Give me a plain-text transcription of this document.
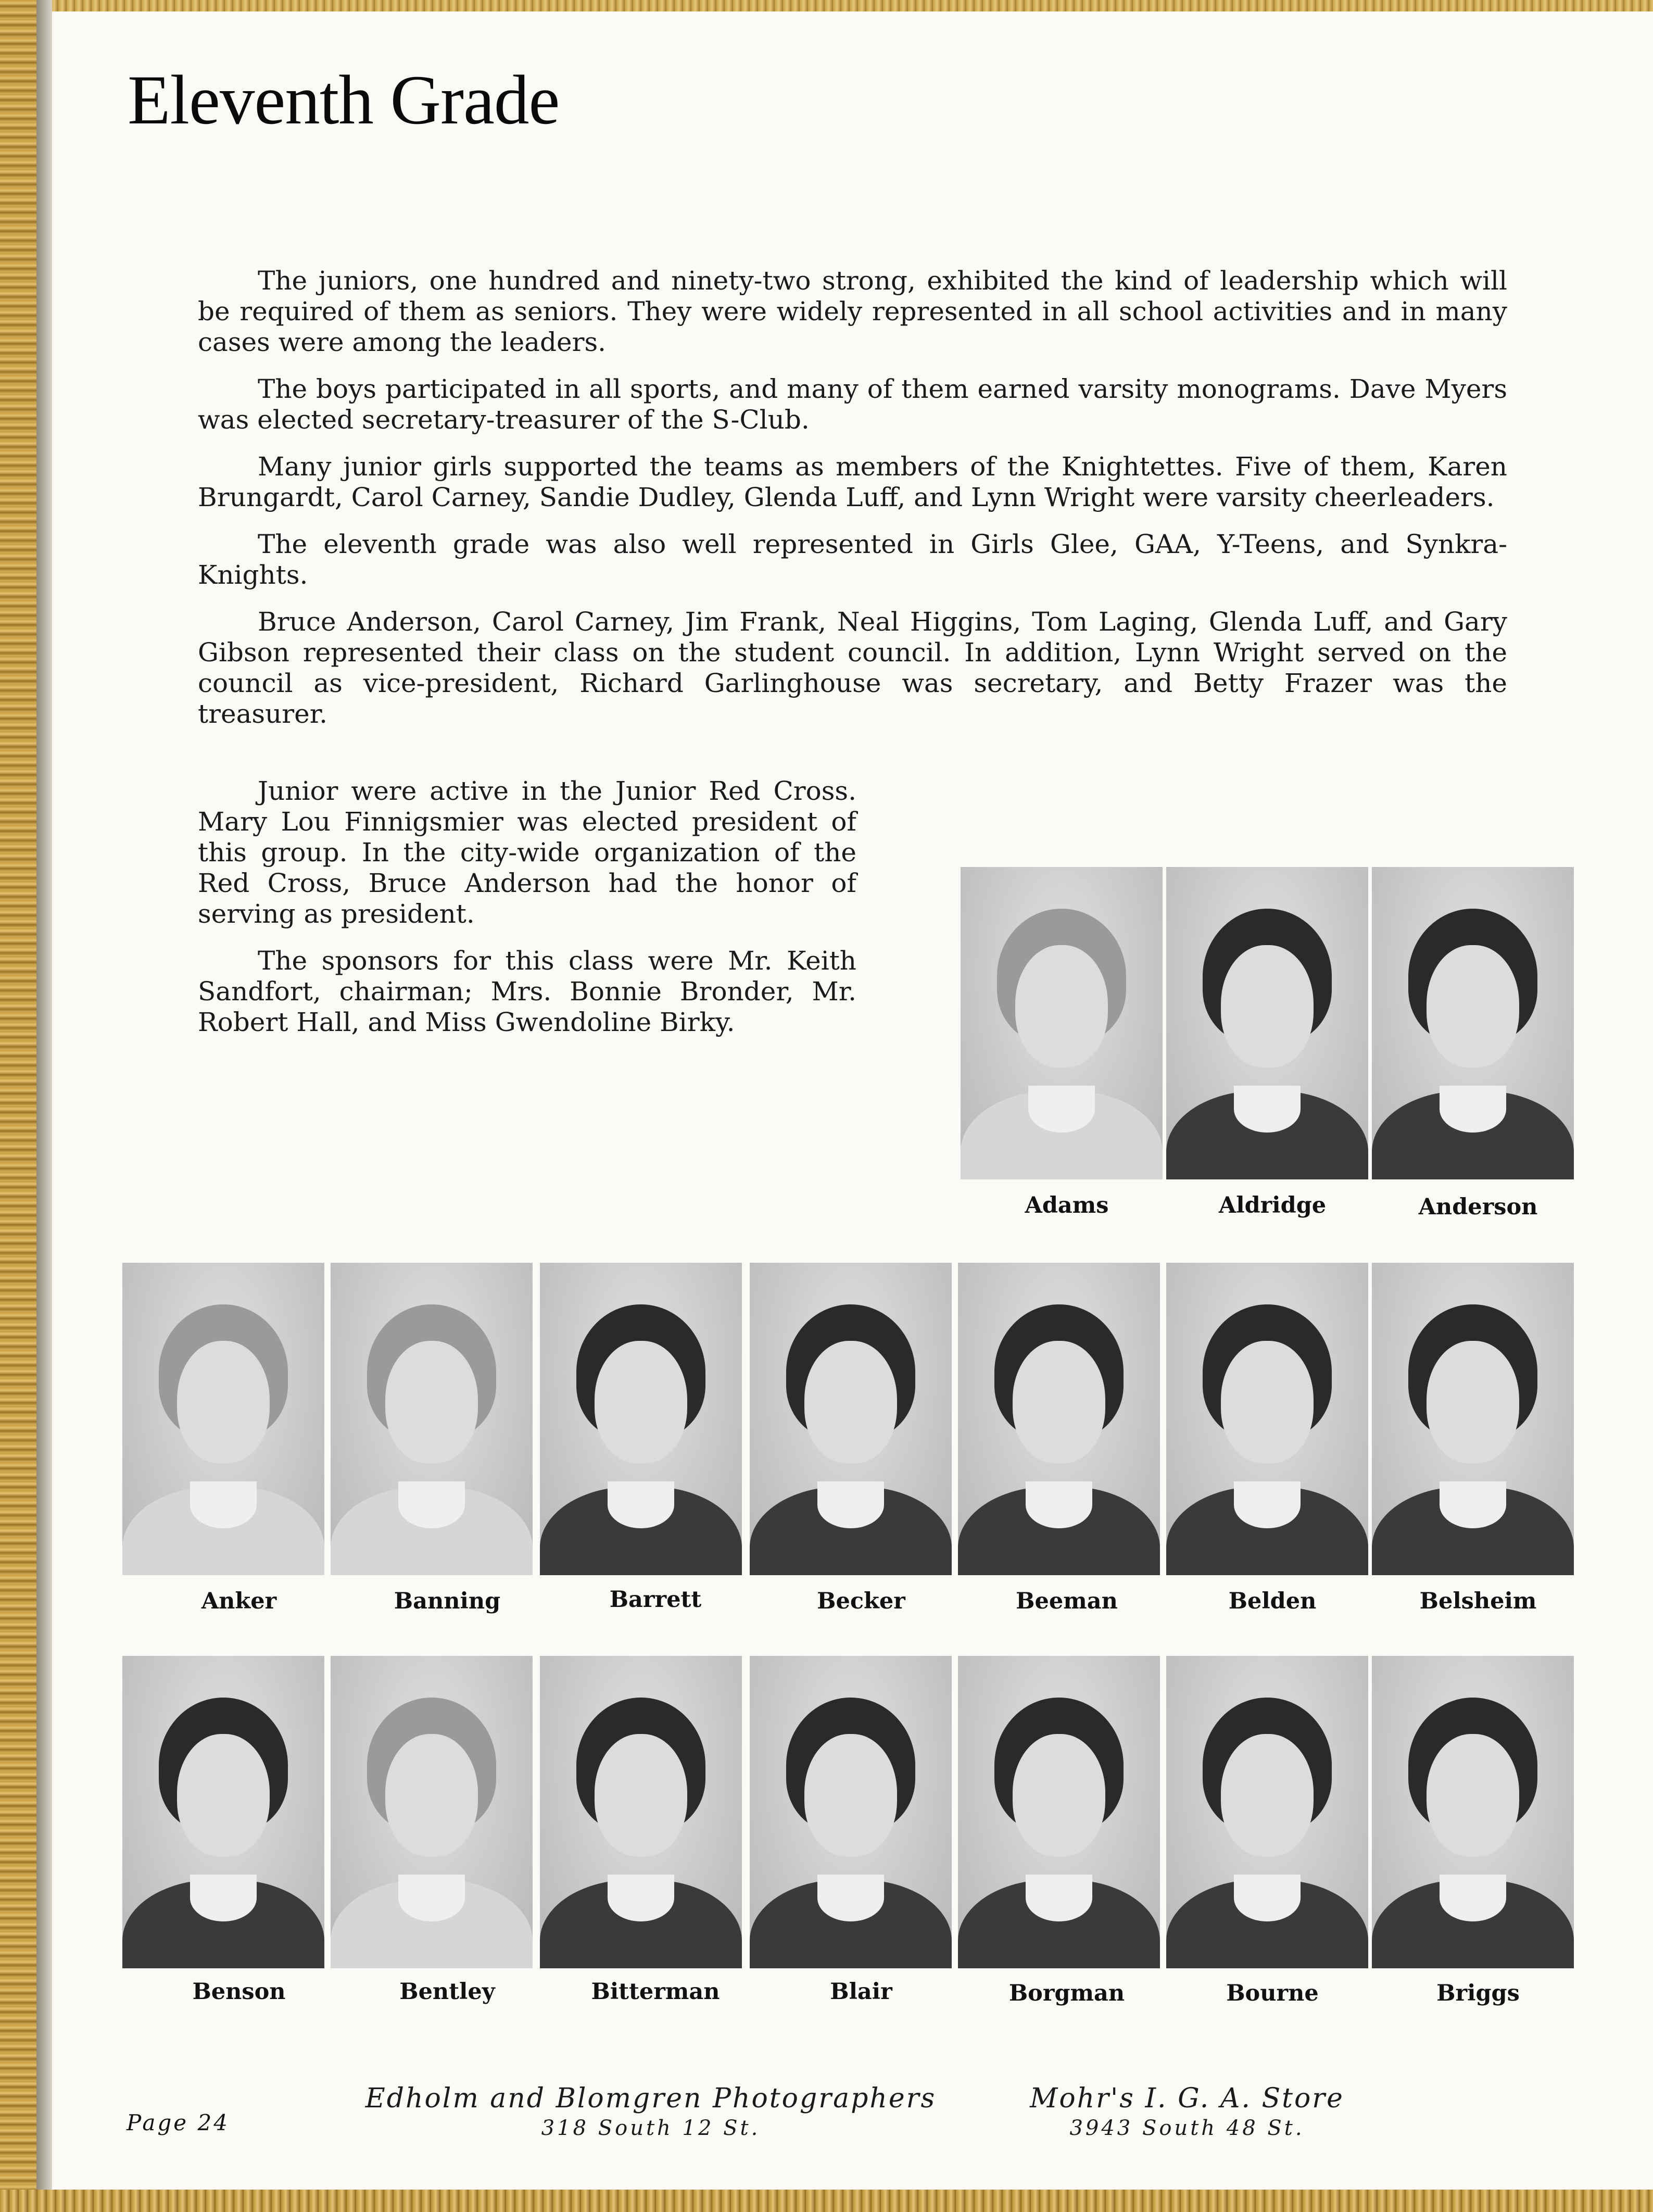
Eleventh Grade

The juniors, one hundred and ninety-two strong, exhibited the kind of leadership which will be required of them as seniors. They were widely represented in all school activities and in many cases were among the leaders.

The boys participated in all sports, and many of them earned varsity monograms. Dave Myers was elected secretary-treasurer of the S-Club.

Many junior girls supported the teams as members of the Knightettes. Five of them, Karen Brungardt, Carol Carney, Sandie Dudley, Glenda Luff, and Lynn Wright were varsity cheerleaders.

The eleventh grade was also well represented in Girls Glee, GAA, Y-Teens, and Synkra-Knights.

Bruce Anderson, Carol Carney, Jim Frank, Neal Higgins, Tom Laging, Glenda Luff, and Gary Gibson represented their class on the student council. In addition, Lynn Wright served on the council as vice-president, Richard Garlinghouse was secretary, and Betty Frazer was the treasurer.

Junior were active in the Junior Red Cross. Mary Lou Finnigsmier was elected president of this group. In the city-wide organization of the Red Cross, Bruce Anderson had the honor of serving as president.

The sponsors for this class were Mr. Keith Sandfort, chairman; Mrs. Bonnie Bronder, Mr. Robert Hall, and Miss Gwendoline Birky.

Adams	Aldridge	Anderson
Anker	Banning	Barrett	Becker	Beeman	Belden	Belsheim
Benson	Bentley	Bitterman	Blair	Borgman	Bourne	Briggs
Page 24
Edholm and Blomgren Photographers
318 South 12 St.
Mohr's I. G. A. Store
3943 South 48 St.
